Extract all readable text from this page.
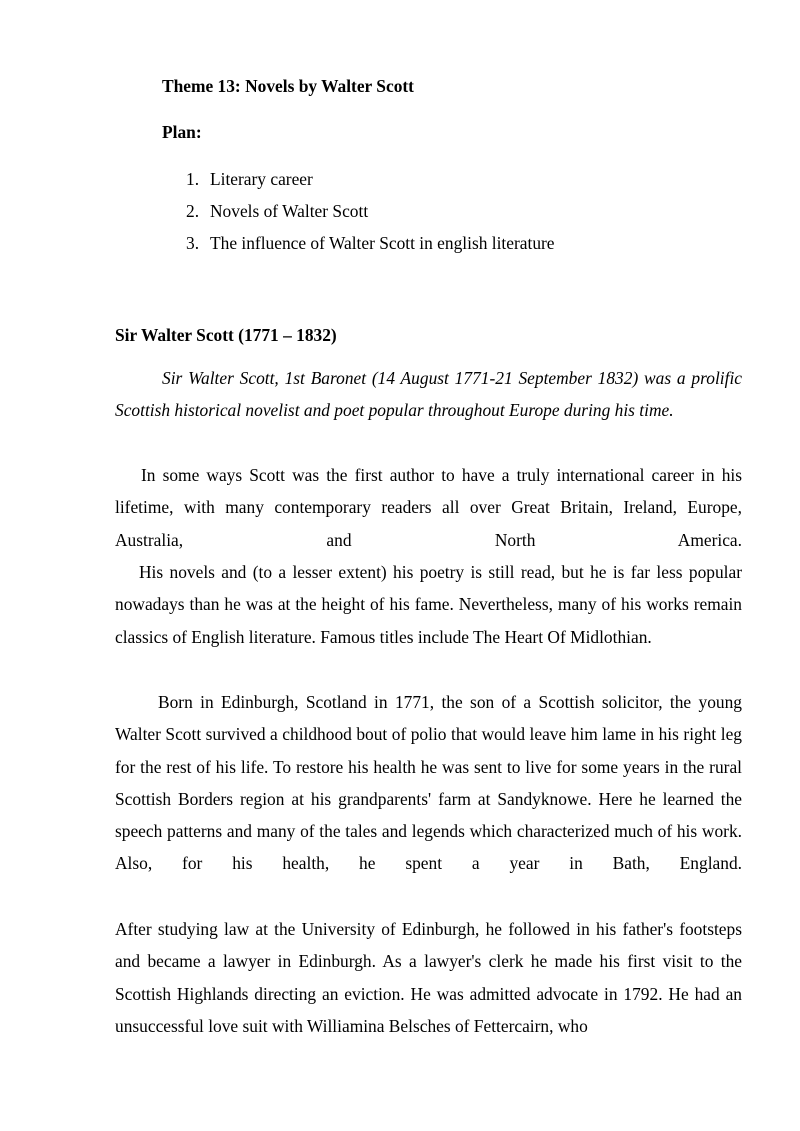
Theme 13: Novels by Walter Scott

Plan:

1. Literary career
2. Novels of Walter Scott
3. The influence of Walter Scott in english literature

Sir Walter Scott (1771 – 1832)

Sir Walter Scott, 1st Baronet (14 August 1771-21 September 1832) was a prolific Scottish historical novelist and poet popular throughout Europe during his time.

In some ways Scott was the first author to have a truly international career in his lifetime, with many contemporary readers all over Great Britain, Ireland, Europe, Australia, and North America.

His novels and (to a lesser extent) his poetry is still read, but he is far less popular nowadays than he was at the height of his fame. Nevertheless, many of his works remain classics of English literature. Famous titles include The Heart Of Midlothian.

Born in Edinburgh, Scotland in 1771, the son of a Scottish solicitor, the young Walter Scott survived a childhood bout of polio that would leave him lame in his right leg for the rest of his life. To restore his health he was sent to live for some years in the rural Scottish Borders region at his grandparents' farm at Sandyknowe. Here he learned the speech patterns and many of the tales and legends which characterized much of his work. Also, for his health, he spent a year in Bath, England.

After studying law at the University of Edinburgh, he followed in his father's footsteps and became a lawyer in Edinburgh. As a lawyer's clerk he made his first visit to the Scottish Highlands directing an eviction. He was admitted advocate in 1792. He had an unsuccessful love suit with Williamina Belsches of Fettercairn, who
